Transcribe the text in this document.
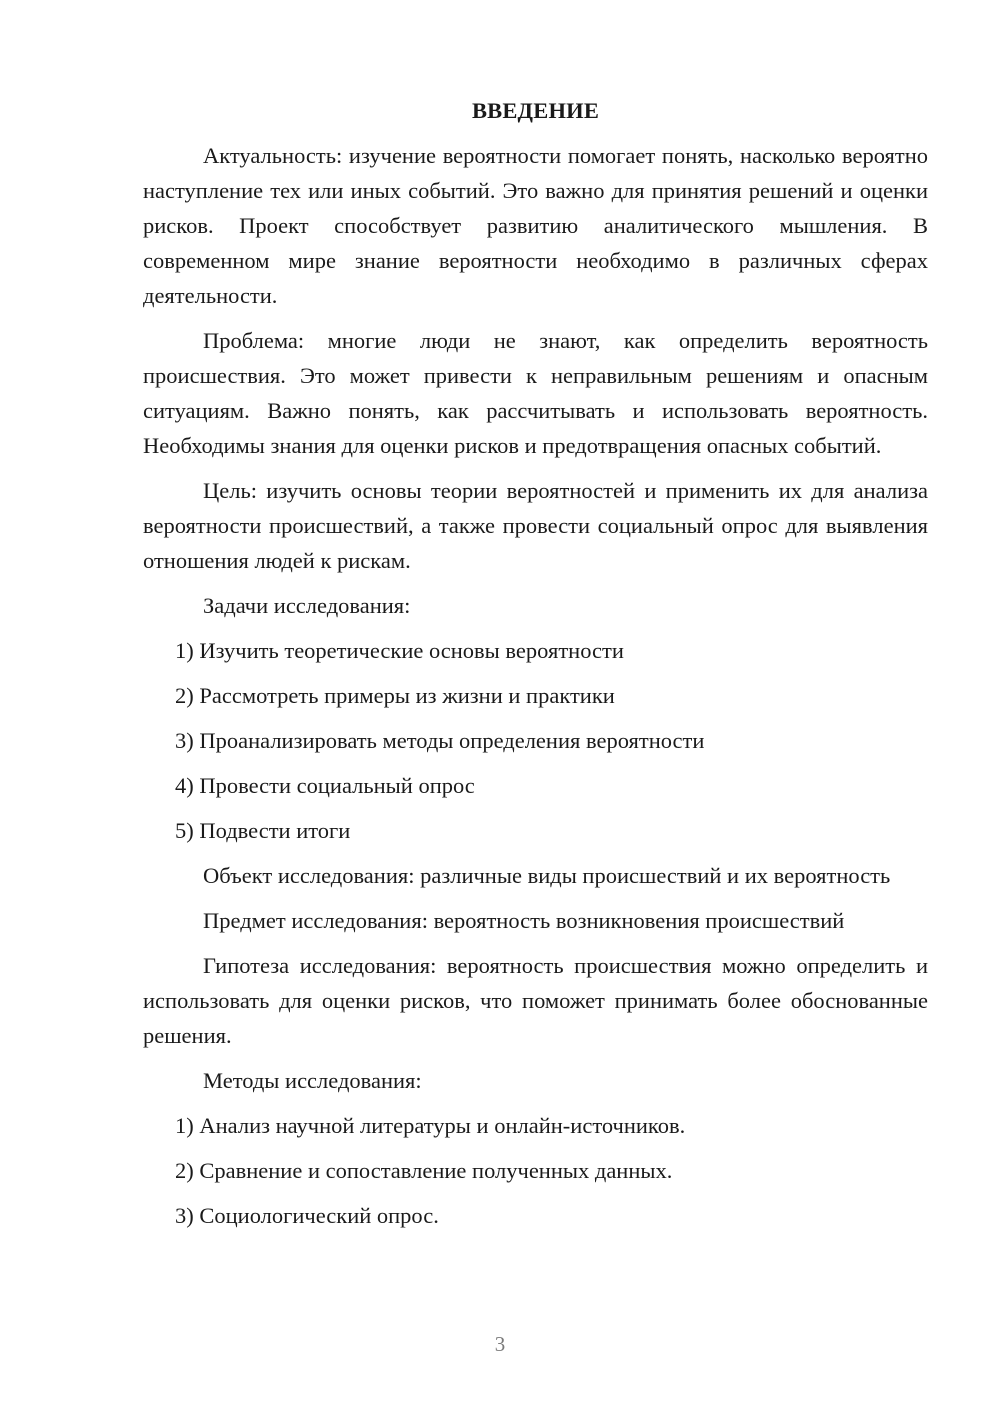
ВВЕДЕНИЕ

Актуальность: изучение вероятности помогает понять, насколько вероятно наступление тех или иных событий. Это важно для принятия решений и оценки рисков. Проект способствует развитию аналитического мышления. В современном мире знание вероятности необходимо в различных сферах деятельности.

Проблема: многие люди не знают, как определить вероятность происшествия. Это может привести к неправильным решениям и опасным ситуациям. Важно понять, как рассчитывать и использовать вероятность. Необходимы знания для оценки рисков и предотвращения опасных событий.

Цель: изучить основы теории вероятностей и применить их для анализа вероятности происшествий, а также провести социальный опрос для выявления отношения людей к рискам.

Задачи исследования:

1) Изучить теоретические основы вероятности
2) Рассмотреть примеры из жизни и практики
3) Проанализировать методы определения вероятности
4) Провести социальный опрос
5) Подвести итоги

Объект исследования: различные виды происшествий и их вероятность

Предмет исследования: вероятность возникновения происшествий

Гипотеза исследования: вероятность происшествия можно определить и использовать для оценки рисков, что поможет принимать более обоснованные решения.

Методы исследования:

1) Анализ научной литературы и онлайн-источников.
2) Сравнение и сопоставление полученных данных.
3) Социологический опрос.
3
